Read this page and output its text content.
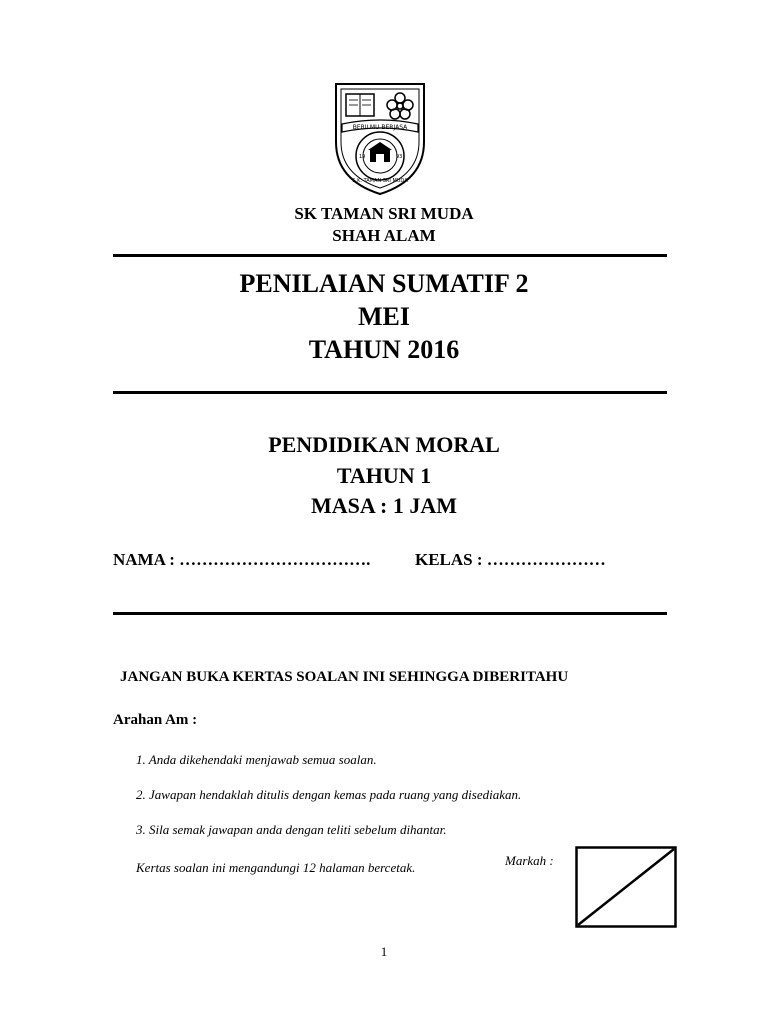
BERILMU BERJASA
19	93
S.K. TAMAN SRI MUDA
SK TAMAN SRI MUDA
SHAH ALAM
PENILAIAN SUMATIF 2
MEI
TAHUN 2016
PENDIDIKAN MORAL
TAHUN 1
MASA : 1 JAM
NAMA : …………………………….	KELAS : …………………
JANGAN BUKA KERTAS SOALAN INI SEHINGGA DIBERITAHU
Arahan Am :
1. Anda dikehendaki menjawab semua soalan.
2. Jawapan hendaklah ditulis dengan kemas pada ruang yang disediakan.
3. Sila semak jawapan anda dengan teliti sebelum dihantar.
Kertas soalan ini mengandungi 12 halaman bercetak.	Markah :
1
